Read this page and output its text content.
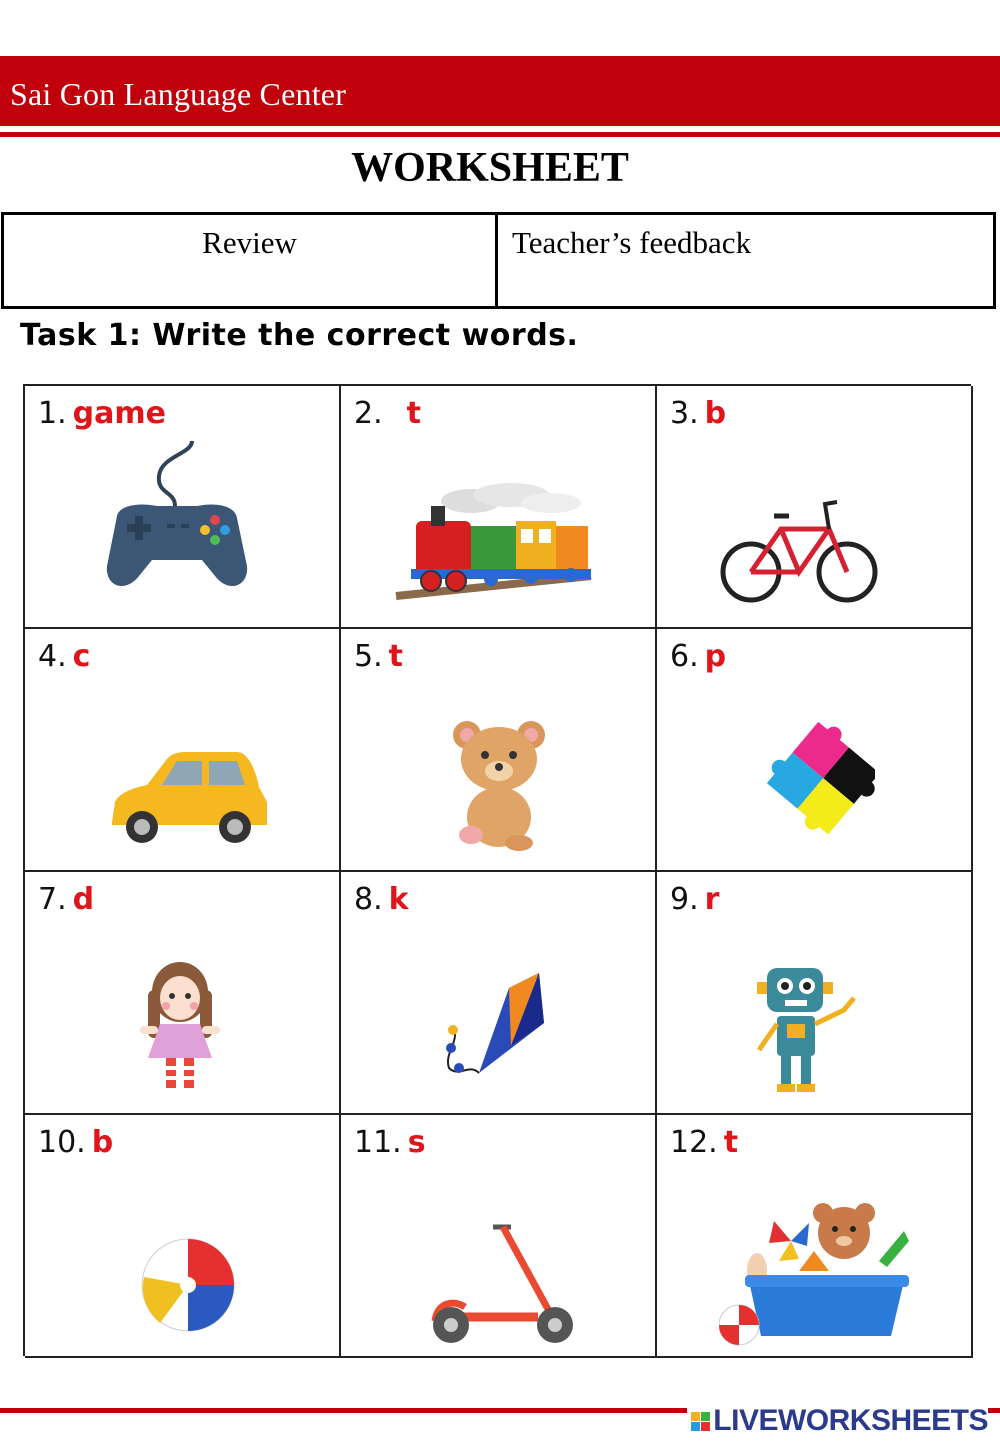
Sai Gon Language Center
WORKSHEET
Review	Teacher’s feedback
Task 1: Write the correct words.
1. game	2. t	3. b
4. c	5. t	6. p
7. d	8. k	9. r
10. b	11. s	12. t
LIVEWORKSHEETS
